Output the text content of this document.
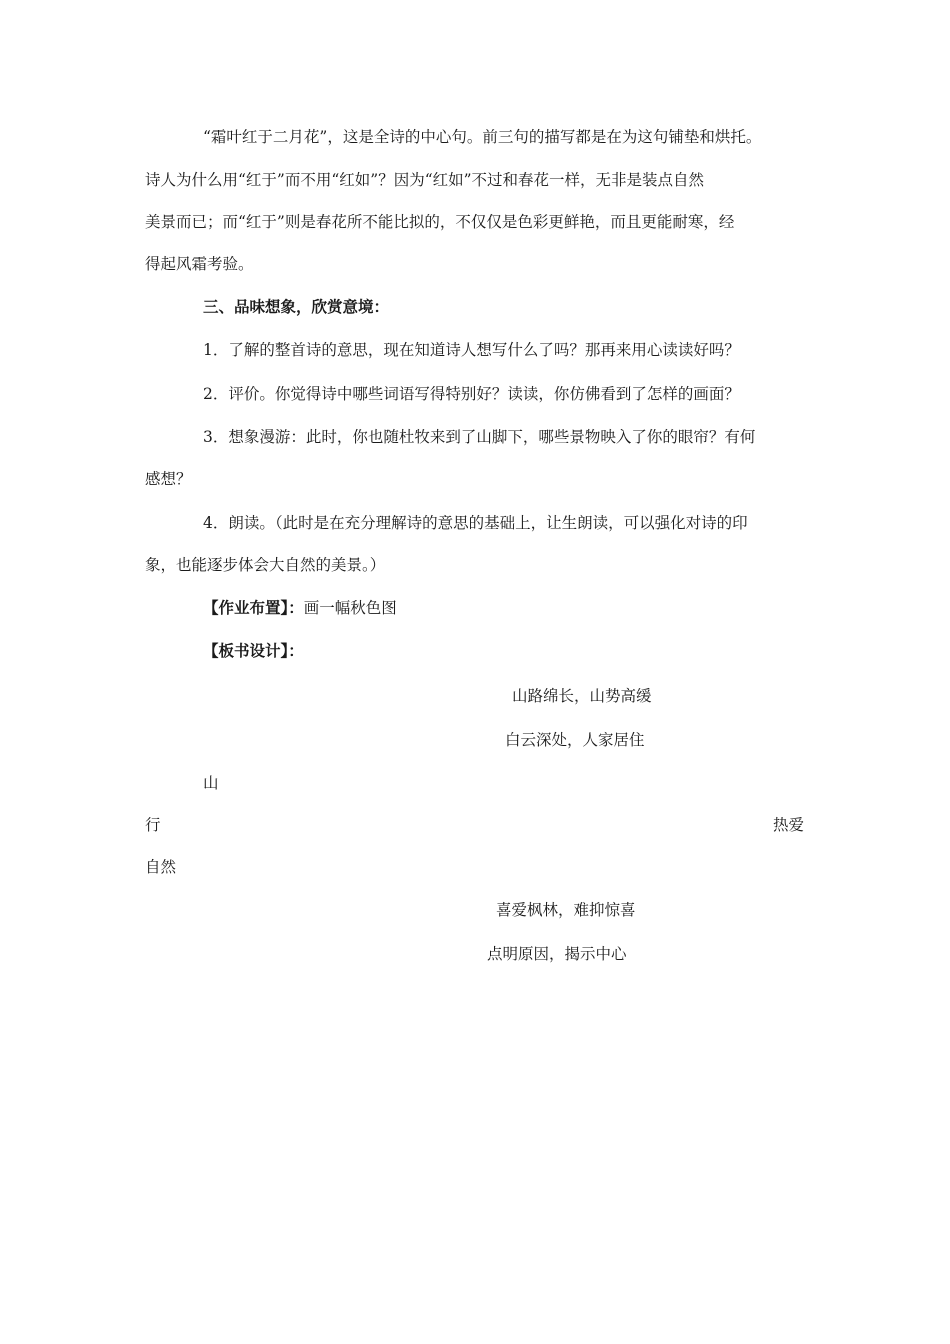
“霜叶红于二月花”，这是全诗的中心句。前三句的描写都是在为这句铺垫和烘托。
诗人为什么用“红于”而不用“红如”？因为“红如”不过和春花一样，无非是装点自然
美景而已；而“红于”则是春花所不能比拟的，不仅仅是色彩更鲜艳，而且更能耐寒，经
得起风霜考验。
三、品味想象，欣赏意境：
1．了解的整首诗的意思，现在知道诗人想写什么了吗？那再来用心读读好吗？
2．评价。你觉得诗中哪些词语写得特别好？读读，你仿佛看到了怎样的画面？
3．想象漫游：此时，你也随杜牧来到了山脚下，哪些景物映入了你的眼帘？有何
感想？
4．朗读。（此时是在充分理解诗的意思的基础上，让生朗读，可以强化对诗的印
象，也能逐步体会大自然的美景。）
【作业布置】：画一幅秋色图
【板书设计】：
山路绵长，山势高缓
白云深处，人家居住
山
行	热爱
自然
喜爱枫林，难抑惊喜
点明原因，揭示中心
